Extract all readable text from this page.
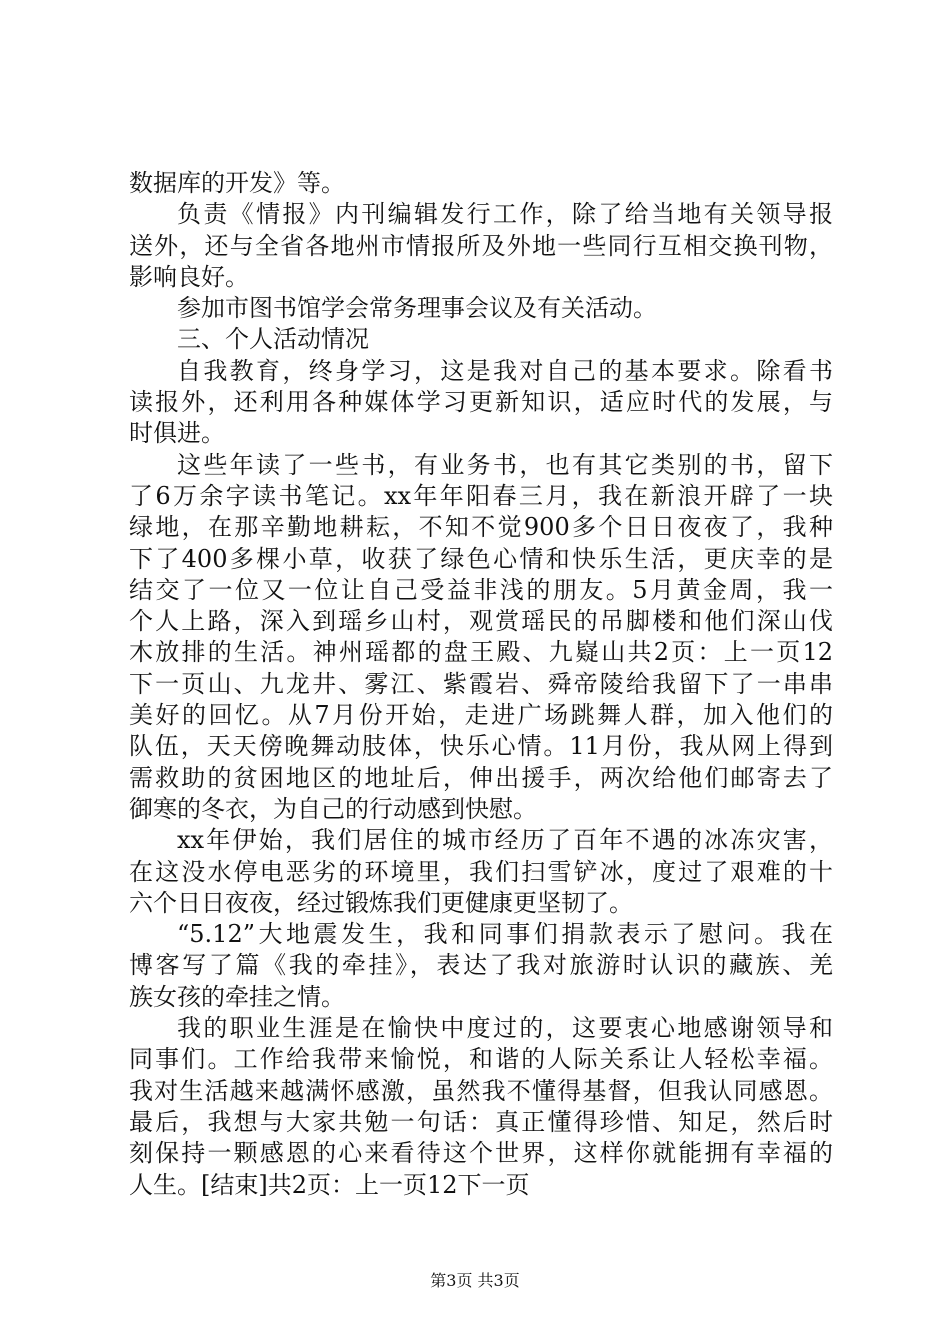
数据库的开发》等。
负责《情报》内刊编辑发行工作，除了给当地有关领导报
送外，还与全省各地州市情报所及外地一些同行互相交换刊物，
影响良好。
参加市图书馆学会常务理事会议及有关活动。
三、个人活动情况
自我教育，终身学习，这是我对自己的基本要求。除看书
读报外，还利用各种媒体学习更新知识，适应时代的发展，与
时俱进。
这些年读了一些书，有业务书，也有其它类别的书，留下
了6万余字读书笔记。xx年年阳春三月，我在新浪开辟了一块
绿地，在那辛勤地耕耘，不知不觉900多个日日夜夜了，我种
下了400多棵小草，收获了绿色心情和快乐生活，更庆幸的是
结交了一位又一位让自己受益非浅的朋友。5月黄金周，我一
个人上路，深入到瑶乡山村，观赏瑶民的吊脚楼和他们深山伐
木放排的生活。神州瑶都的盘王殿、九嶷山共2页：上一页12
下一页山、九龙井、雾江、紫霞岩、舜帝陵给我留下了一串串
美好的回忆。从7月份开始，走进广场跳舞人群，加入他们的
队伍，天天傍晚舞动肢体，快乐心情。11月份，我从网上得到
需救助的贫困地区的地址后，伸出援手，两次给他们邮寄去了
御寒的冬衣，为自己的行动感到快慰。
xx年伊始，我们居住的城市经历了百年不遇的冰冻灾害，
在这没水停电恶劣的环境里，我们扫雪铲冰，度过了艰难的十
六个日日夜夜，经过锻炼我们更健康更坚韧了。
“5.12”大地震发生，我和同事们捐款表示了慰问。我在
博客写了篇《我的牵挂》，表达了我对旅游时认识的藏族、羌
族女孩的牵挂之情。
我的职业生涯是在愉快中度过的，这要衷心地感谢领导和
同事们。工作给我带来愉悦，和谐的人际关系让人轻松幸福。
我对生活越来越满怀感激，虽然我不懂得基督，但我认同感恩。
最后，我想与大家共勉一句话：真正懂得珍惜、知足，然后时
刻保持一颗感恩的心来看待这个世界，这样你就能拥有幸福的
人生。[结束]共2页：上一页12下一页
第3页 共3页
